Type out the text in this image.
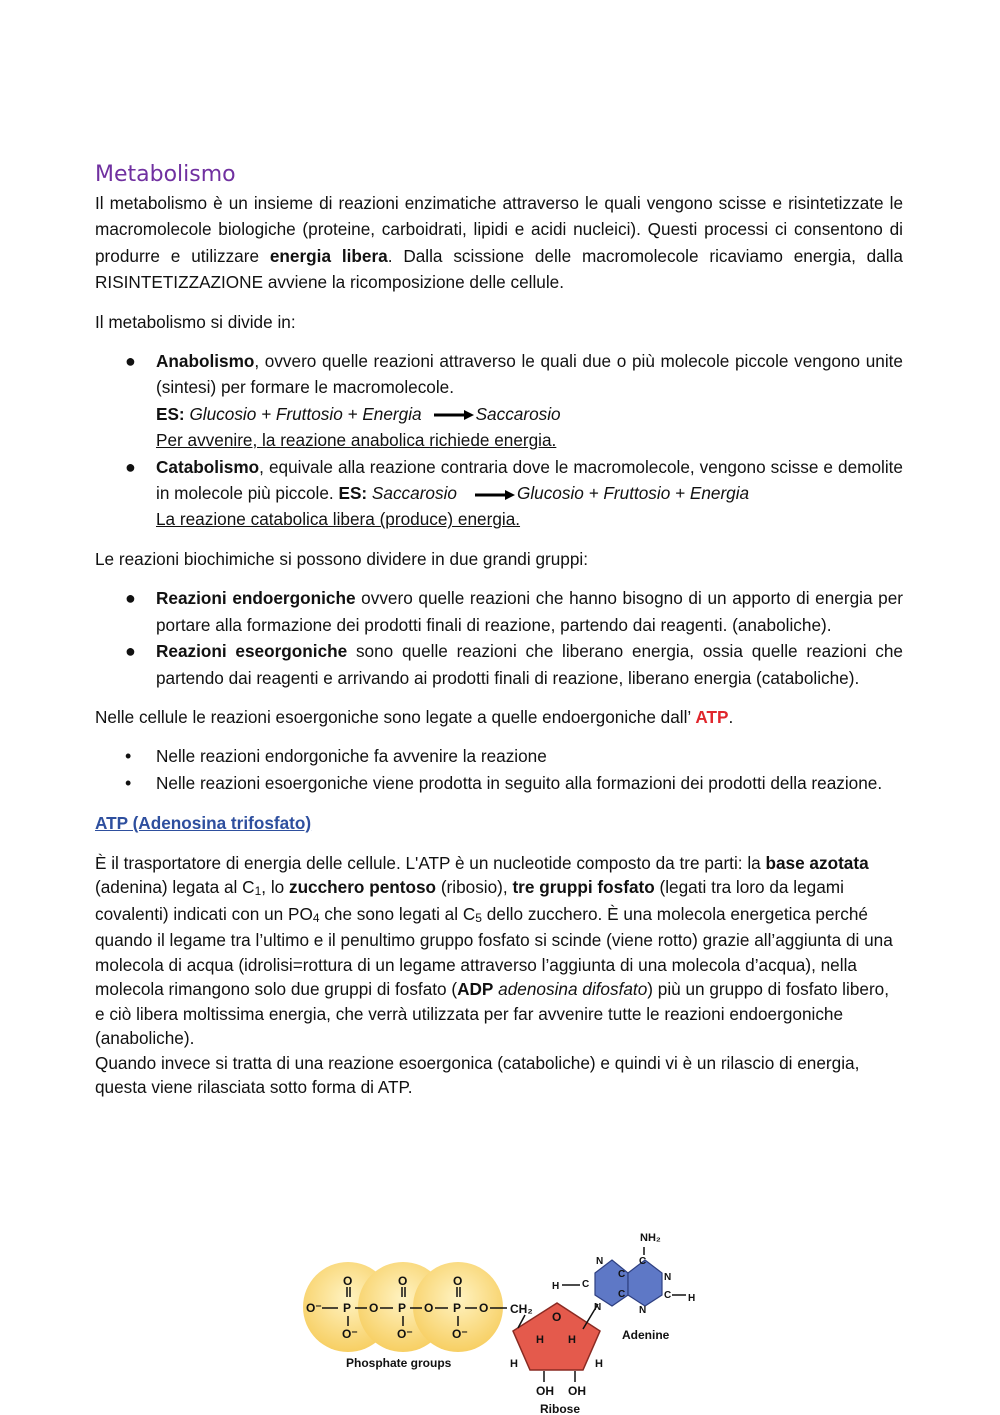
Metabolismo

Il metabolismo è un insieme di reazioni enzimatiche attraverso le quali vengono scisse e risintetizzate le macromolecole biologiche (proteine, carboidrati, lipidi e acidi nucleici). Questi processi ci consentono di produrre e utilizzare energia libera. Dalla scissione delle macromolecole ricaviamo energia, dalla RISINTETIZZAZIONE avviene la ricomposizione delle cellule.

Il metabolismo si divide in:

● Anabolismo, ovvero quelle reazioni attraverso le quali due o più molecole piccole vengono unite (sintesi) per formare le macromolecole.
ES: Glucosio + Fruttosio + Energia	Saccarosio
Per avvenire, la reazione anabolica richiede energia.
● Catabolismo, equivale alla reazione contraria dove le macromolecole, vengono scisse e demolite in molecole più piccole. ES: Saccarosio	Glucosio + Fruttosio + Energia
La reazione catabolica libera (produce) energia.

Le reazioni biochimiche si possono dividere in due grandi gruppi:

● Reazioni endoergoniche ovvero quelle reazioni che hanno bisogno di un apporto di energia per portare alla formazione dei prodotti finali di reazione, partendo dai reagenti. (anaboliche).
● Reazioni eseorgoniche sono quelle reazioni che liberano energia, ossia quelle reazioni che partendo dai reagenti e arrivando ai prodotti finali di reazione, liberano energia (cataboliche).

Nelle cellule le reazioni esoergoniche sono legate a quelle endoergoniche dall’ ATP.

• Nelle reazioni endorgoniche fa avvenire la reazione
• Nelle reazioni esoergoniche viene prodotta in seguito alla formazioni dei prodotti della reazione.

ATP (Adenosina trifosfato)

È il trasportatore di energia delle cellule. L'ATP è un nucleotide composto da tre parti: la base azotata (adenina) legata al $C_1$, lo zucchero pentoso (ribosio), tre gruppi fosfato (legati tra loro da legami covalenti) indicati con un $PO_4$ che sono legati al $C_5$ dello zucchero. È una molecola energetica perché quando il legame tra l’ultimo e il penultimo gruppo fosfato si scinde (viene rotto) grazie all’aggiunta di una molecola di acqua (idrolisi=rottura di un legame attraverso l’aggiunta di una molecola d’acqua), nella molecola rimangono solo due gruppi di fosfato (ADP adenosina difosfato) più un gruppo di fosfato libero, e ciò libera moltissima energia, che verrà utilizzata per far avvenire tutte le reazioni endoergoniche (anaboliche).

Quando invece si tratta di una reazione esoergonica (cataboliche) e quindi vi è un rilascio di energia, questa viene rilasciata sotto forma di ATP.

O	O	O
O⁻ P O P O P O
O⁻	O⁻	O⁻
CH₂
Phosphate groups
O
H H
H	H
OH OH
Ribose
N
C
C
N
C
N
C
N
C
H
H
NH₂
Adenine
